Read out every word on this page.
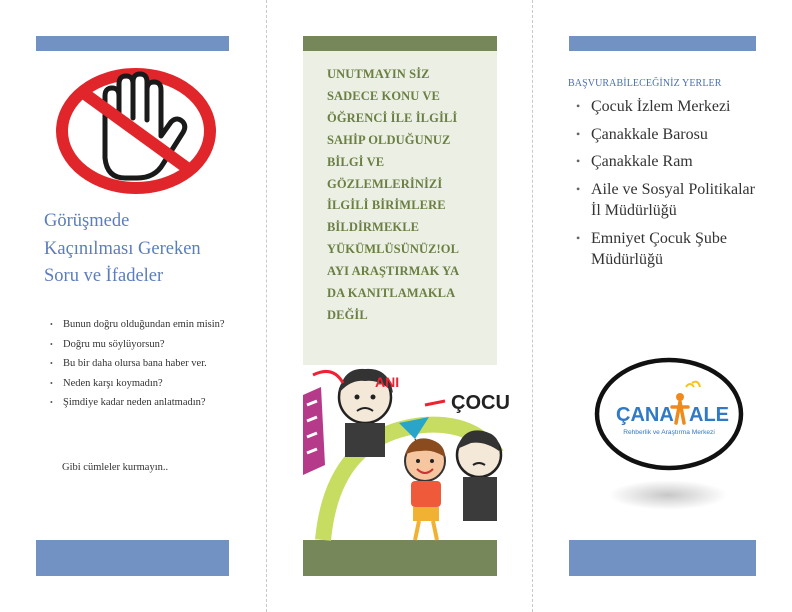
Görüşmede
Kaçınılması Gereken
Soru ve İfadeler
• Bunun doğru olduğundan emin misin?
• Doğru mu söylüyorsun?
• Bu bir daha olursa bana haber ver.
• Neden karşı koymadın?
• Şimdiye kadar neden anlatmadın?
Gibi cümleler kurmayın..

UNUTMAYIN SİZ
SADECE KONU VE
ÖĞRENCİ İLE İLGİLİ
SAHİP OLDUĞUNUZ
BİLGİ VE
GÖZLEMLERİNİZİ
İLGİLİ BİRİMLERE
BİLDİRMEKLE
YÜKÜMLÜSÜNÜZ!OL
AYI ARAŞTIRMAK YA
DA KANITLAMAKLA
DEĞİL

ANI
ÇOCU
BAŞVURABİLECEĞİNİZ YERLER
• Çocuk İzlem Merkezi
• Çanakkale Barosu
• Çanakkale Ram
• Aile ve Sosyal Politikalar İl Müdürlüğü
• Emniyet Çocuk Şube Müdürlüğü
ÇANA ALE
Rehberlik ve Araştırma Merkezi
